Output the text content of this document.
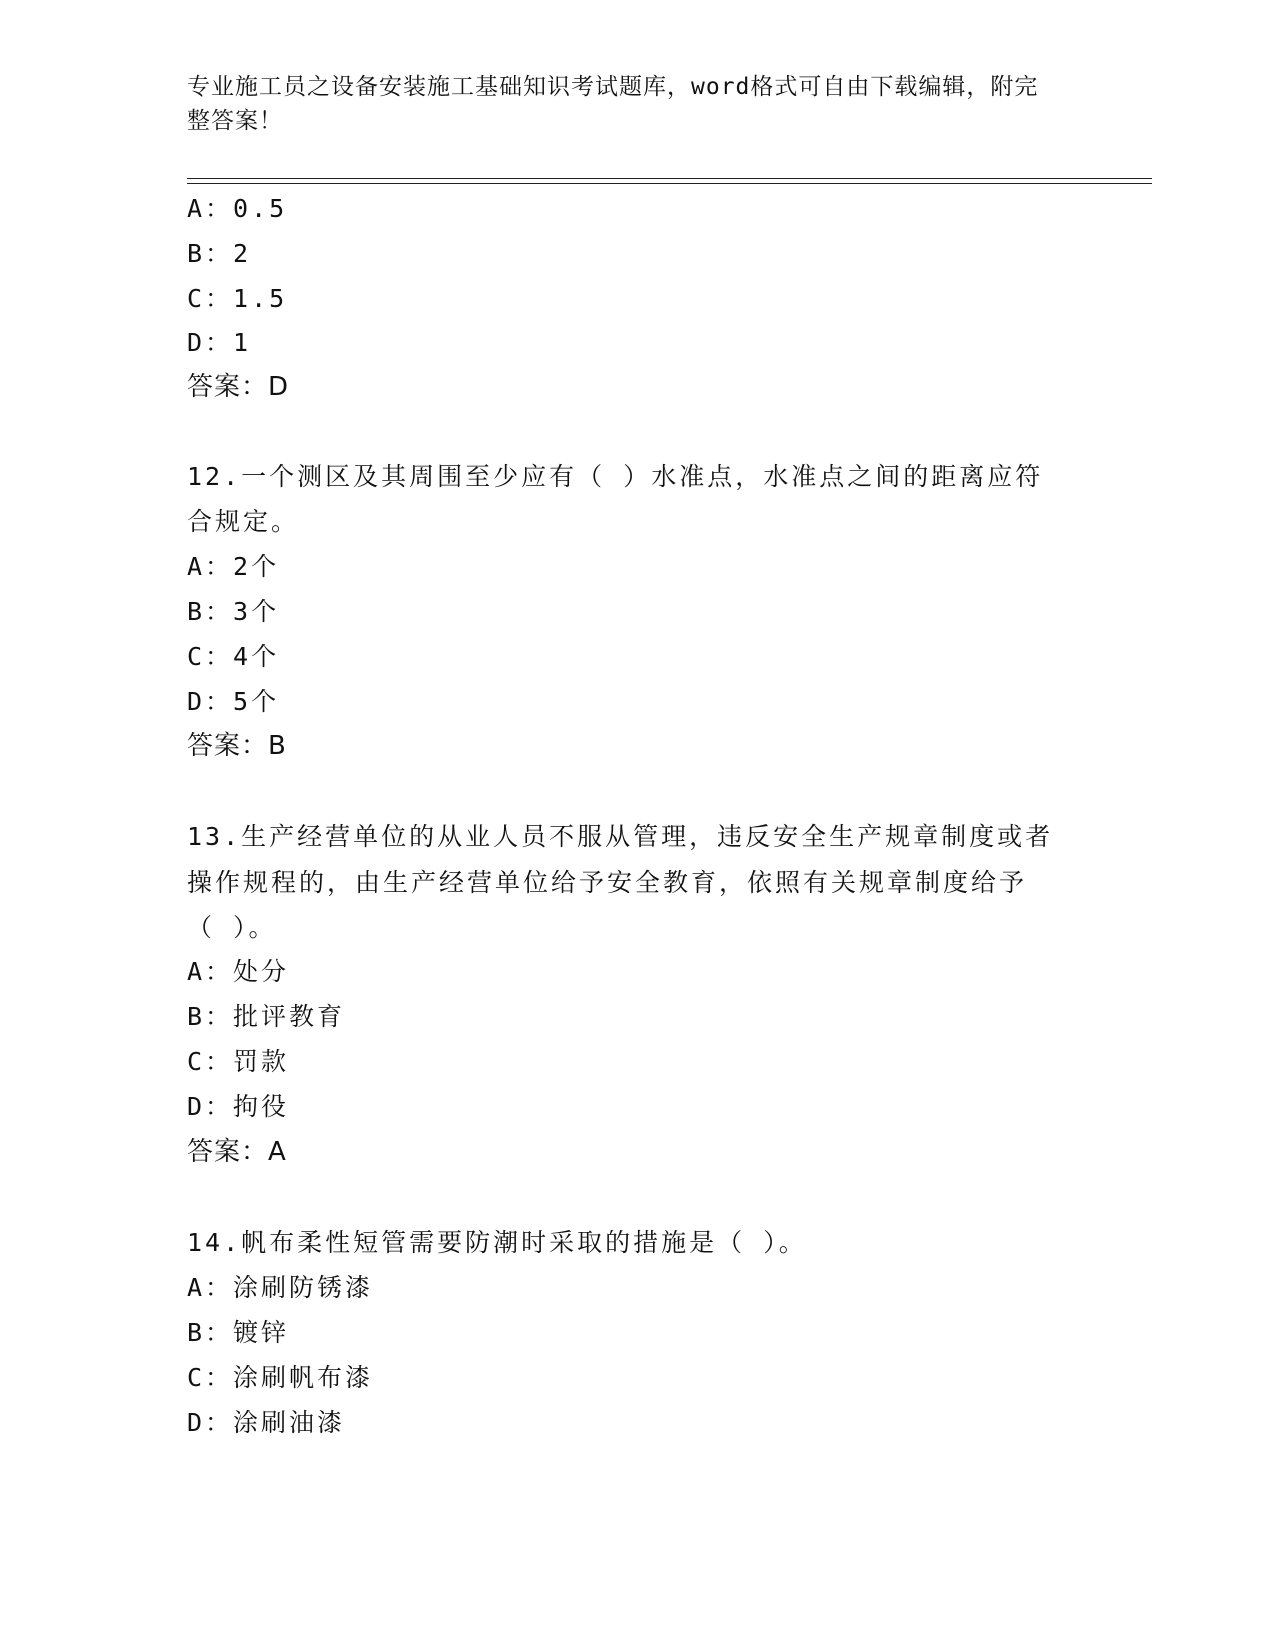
专业施工员之设备安装施工基础知识考试题库，word格式可自由下载编辑，附完
整答案！
A：0.5
B：2
C：1.5
D：1
答案：D
12.一个测区及其周围至少应有（ ）水准点，水准点之间的距离应符
合规定。
A：2个
B：3个
C：4个
D：5个
答案：B
13.生产经营单位的从业人员不服从管理，违反安全生产规章制度或者
操作规程的，由生产经营单位给予安全教育，依照有关规章制度给予
（ ）。
A：处分
B：批评教育
C：罚款
D：拘役
答案：A
14.帆布柔性短管需要防潮时采取的措施是（ ）。
A：涂刷防锈漆
B：镀锌
C：涂刷帆布漆
D：涂刷油漆
